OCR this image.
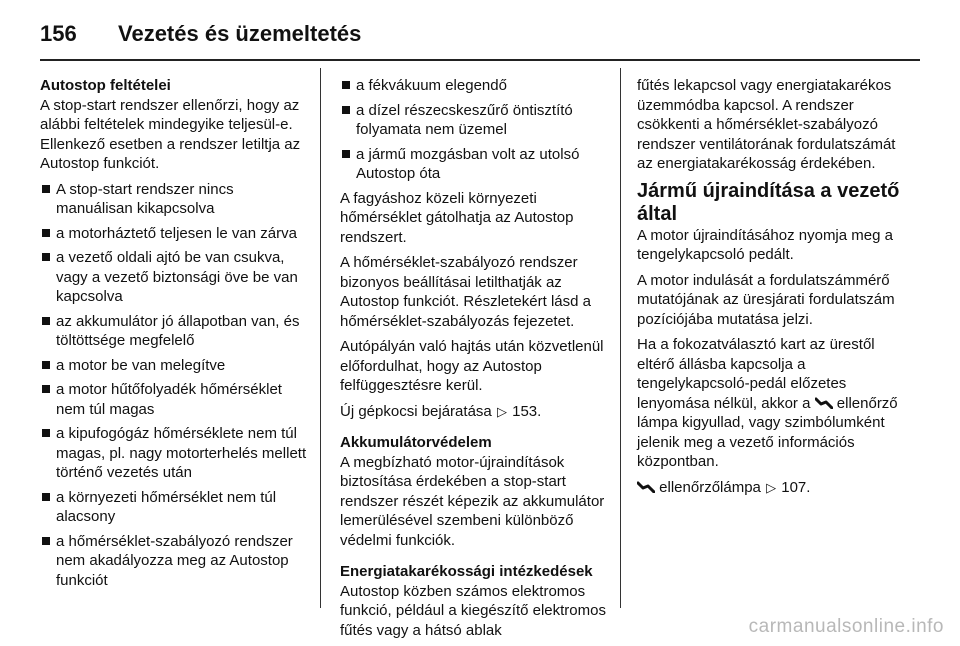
156	Vezetés és üzemeltetés
Autostop feltételei

A stop-start rendszer ellenőrzi, hogy az alábbi feltételek mindegyike teljesül-e. Ellenkező esetben a rendszer letiltja az Autostop funkciót.

A stop-start rendszer nincs manuálisan kikapcsolva
a motorháztető teljesen le van zárva
a vezető oldali ajtó be van csukva, vagy a vezető biztonsági öve be van kapcsolva
az akkumulátor jó állapotban van, és töltöttsége megfelelő
a motor be van melegítve
a motor hűtőfolyadék hőmérséklet nem túl magas
a kipufogógáz hőmérséklete nem túl magas, pl. nagy motorterhelés mellett történő vezetés után
a környezeti hőmérséklet nem túl alacsony
a hőmérséklet-szabályozó rendszer nem akadályozza meg az Autostop funkciót
a fékvákuum elegendő
a dízel részecskeszűrő öntisztító folyamata nem üzemel
a jármű mozgásban volt az utolsó Autostop óta

A fagyáshoz közeli környezeti hőmérséklet gátolhatja az Autostop rendszert.

A hőmérséklet-szabályozó rendszer bizonyos beállításai letilthatják az Autostop funkciót. Részletekért lásd a hőmérséklet-szabályozás fejezetet.

Autópályán való hajtás után közvetlenül előfordulhat, hogy az Autostop felfüggesztésre kerül.

Új gépkocsi bejáratása ▷ 153.

Akkumulátorvédelem

A megbízható motor-újraindítások biztosítása érdekében a stop-start rendszer részét képezik az akkumulátor lemerülésével szembeni különböző védelmi funkciók.

Energiatakarékossági intézkedések

Autostop közben számos elektromos funkció, például a kiegészítő elektromos fűtés vagy a hátsó ablak

fűtés lekapcsol vagy energiatakarékos üzemmódba kapcsol. A rendszer csökkenti a hőmérséklet-szabályozó rendszer ventilátorának fordulatszámát az energiatakarékosság érdekében.

Jármű újraindítása a vezető által

A motor újraindításához nyomja meg a tengelykapcsoló pedált.

A motor indulását a fordulatszámmérő mutatójának az üresjárati fordulatszám pozíciójába mutatása jelzi.

Ha a fokozatválasztó kart az ürestől eltérő állásba kapcsolja a tengelykapcsoló-pedál előzetes lenyomása nélkül, akkor a ellenőrző lámpa kigyullad, vagy szimbólumként jelenik meg a vezető információs központban.

ellenőrzőlámpa ▷ 107.

carmanualsonline.info
